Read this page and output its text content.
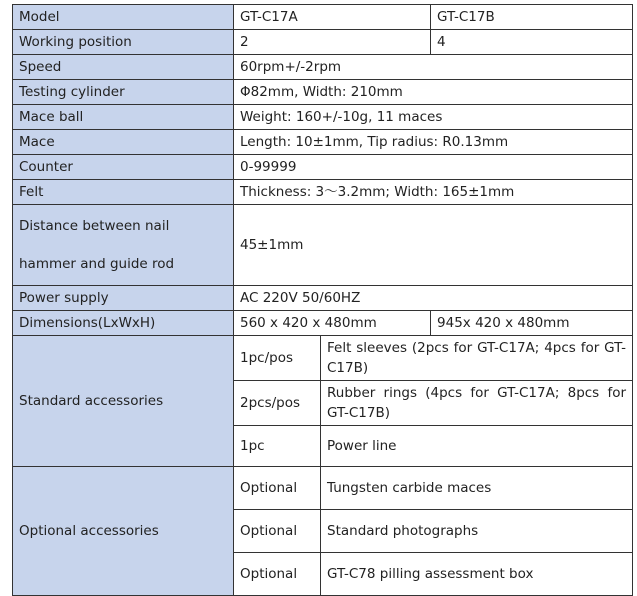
Model	GT-C17A		GT-C17B
Working position	2		4
Speed	60rpm+/-2rpm		
Testing cylinder	Φ82mm, Width: 210mm		
Mace ball	Weight: 160+/-10g, 11 maces		
Mace	Length: 10±1mm, Tip radius: R0.13mm		
Counter	0-99999		
Felt	Thickness: 3～3.2mm; Width: 165±1mm		
Distance between nail
hammer and guide rod	45±1mm		
Power supply	AC 220V 50/60HZ		
Dimensions(LxWxH)	560 x 420 x 480mm		945x 420 x 480mm
Standard accessories	1pc/pos	Felt sleeves (2pcs for GT-C17A; 4pcs for GT-C17B)	
	2pcs/pos	Rubber rings (4pcs for GT-C17A; 8pcs for GT-C17B)	
	1pc	Power line	
Optional accessories	Optional	Tungsten carbide maces	
	Optional	Standard photographs	
	Optional	GT-C78 pilling assessment box	
